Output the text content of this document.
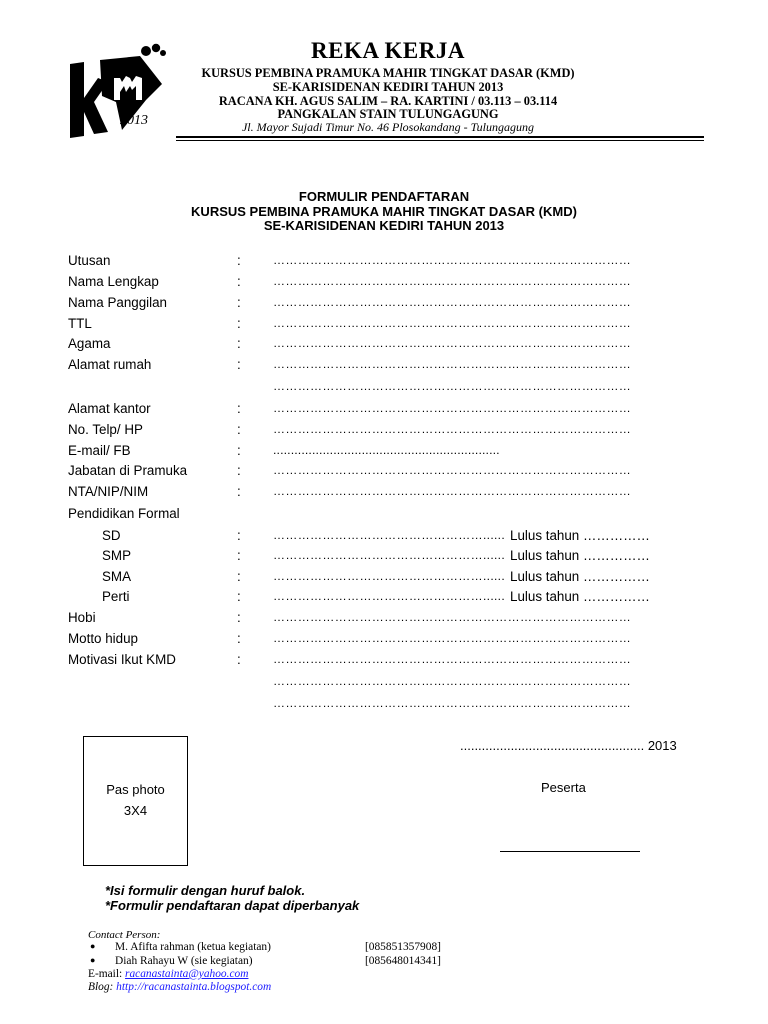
2013
REKA KERJA
KURSUS PEMBINA PRAMUKA MAHIR TINGKAT DASAR (KMD)
SE-KARISIDENAN KEDIRI TAHUN 2013
RACANA KH. AGUS SALIM – RA. KARTINI / 03.113 – 03.114
PANGKALAN STAIN TULUNGAGUNG
Jl. Mayor Sujadi Timur No. 46 Plosokandang - Tulungagung
FORMULIR PENDAFTARAN
KURSUS PEMBINA PRAMUKA MAHIR TINGKAT DASAR (KMD)
SE-KARISIDENAN KEDIRI TAHUN 2013
Utusan	:	……………………………………………………………………………
Nama Lengkap	:	……………………………………………………………………………
Nama Panggilan	:	……………………………………………………………………………
TTL	:	……………………………………………………………………………
Agama	:	……………………………………………………………………………
Alamat rumah	:	……………………………………………………………………………
……………………………………………………………………………
Alamat kantor	:	……………………………………………………………………………
No. Telp/ HP	:	……………………………………………………………………………
E-mail/ FB	:	................................................................
Jabatan di Pramuka	:	……………………………………………………………………………
NTA/NIP/NIM	:	……………………………………………………………………………
Pendidikan Formal
SD	:	……………………………………………...... Lulus tahun ……………
SMP	:	……………………………………………...... Lulus tahun ……………
SMA	:	……………………………………………...... Lulus tahun ……………
Perti	:	……………………………………………...... Lulus tahun ……………
Hobi	:	……………………………………………………………………………
Motto hidup	:	……………………………………………………………………………
Motivasi Ikut KMD	:	……………………………………………………………………………
……………………………………………………………………………
……………………………………………………………………………
Pas photo
3X4
................................................... 2013
Peserta
*Isi formulir dengan huruf balok.
*Formulir pendaftaran dapat diperbanyak
Contact Person:
● M. Afifta rahman (ketua kegiatan)	[085851357908]
● Diah Rahayu W (sie kegiatan)	[085648014341]
E-mail: racanastainta@yahoo.com
Blog: http://racanastainta.blogspot.com
